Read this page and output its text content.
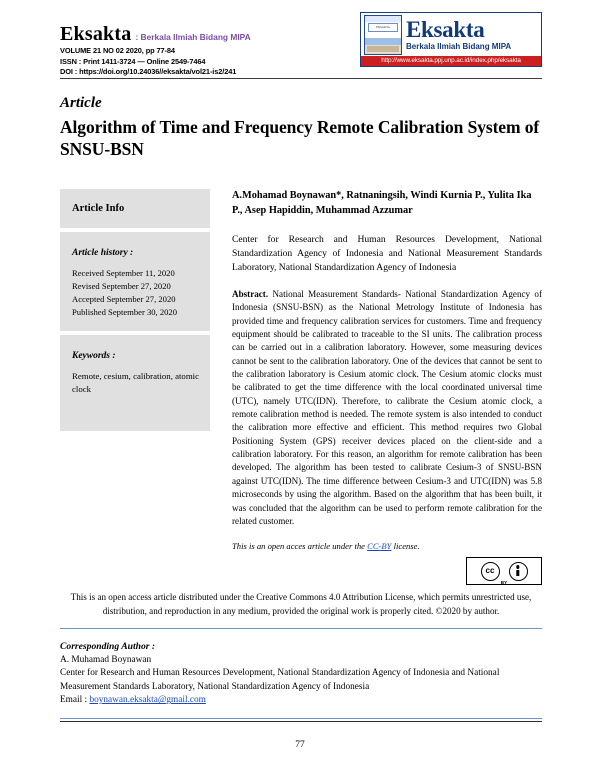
Eksakta : Berkala Ilmiah Bidang MIPA
VOLUME 21 NO 02 2020, pp 77-84
ISSN : Print 1411-3724 — Online 2549-7464
DOI : https://doi.org/10.24036//eksakta/vol21-is2/241
EKSAKTA Eksakta
Berkala Ilmiah Bidang MIPA
http://www.eksakta.ppj.unp.ac.id/index.php/eksakta
Article
Algorithm of Time and Frequency Remote Calibration System of SNSU-BSN
Article Info
Article history :
Received September 11, 2020
Revised September 27, 2020
Accepted September 27, 2020
Published September 30, 2020
Keywords :
Remote, cesium, calibration, atomic clock
A.Mohamad Boynawan*, Ratnaningsih, Windi Kurnia P., Yulita Ika P., Asep Hapiddin, Muhammad Azzumar
Center for Research and Human Resources Development, National Standardization Agency of Indonesia and National Measurement Standards Laboratory, National Standardization Agency of Indonesia

Abstract. National Measurement Standards- National Standardization Agency of Indonesia (SNSU-BSN) as the National Metrology Institute of Indonesia has provided time and frequency calibration services for customers. Time and frequency equipment should be calibrated to traceable to the SI units. The calibration process can be carried out in a calibration laboratory. However, some measuring devices cannot be sent to the calibration laboratory. One of the devices that cannot be sent to the calibration laboratory is Cesium atomic clock. The Cesium atomic clocks must be calibrated to get the time difference with the local coordinated universal time (UTC), namely UTC(IDN). Therefore, to calibrate the Cesium atomic clock, a remote calibration method is needed. The remote system is also intended to conduct the calibration more effective and efficient. This method requires two Global Positioning System (GPS) receiver devices placed on the client-side and a calibration laboratory. For this reason, an algorithm for remote calibration has been developed. The algorithm has been tested to calibrate Cesium-3 of SNSU-BSN against UTC(IDN). The time difference between Cesium-3 and UTC(IDN) was 5.8 microseconds by using the algorithm. Based on the algorithm that has been built, it was concluded that the algorithm can be used to perform remote calibration for the related customer.

This is an open acces article under the CC-BY license.
cc
BY
This is an open access article distributed under the Creative Commons 4.0 Attribution License, which permits unrestricted use, distribution, and reproduction in any medium, provided the original work is properly cited. ©2020 by author.
Corresponding Author :
A. Muhamad Boynawan
Center for Research and Human Resources Development, National Standardization Agency of Indonesia and National Measurement Standards Laboratory, National Standardization Agency of Indonesia
Email : boynawan.eksakta@gmail.com
77
